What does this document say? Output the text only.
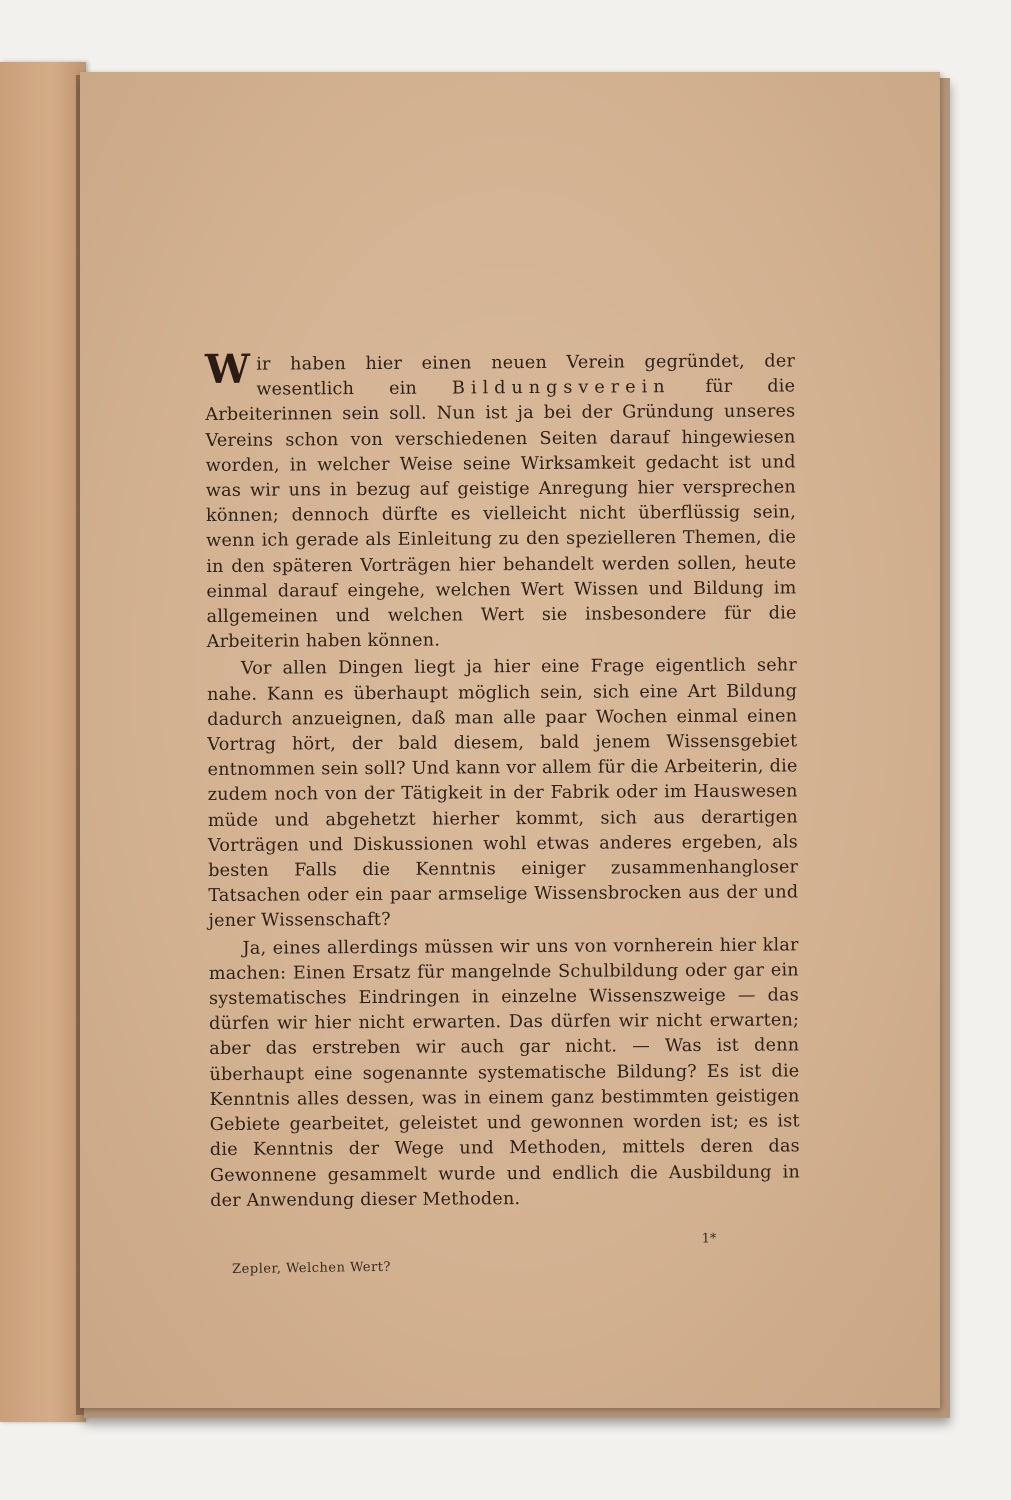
Wir haben hier einen neuen Verein gegründet, der wesentlich ein Bildungsverein für die Arbeiterinnen sein soll. Nun ist ja bei der Gründung unseres Vereins schon von verschiedenen Seiten darauf hingewiesen worden, in welcher Weise seine Wirksamkeit gedacht ist und was wir uns in bezug auf geistige Anregung hier versprechen können; dennoch dürfte es vielleicht nicht überflüssig sein, wenn ich gerade als Einleitung zu den spezielleren Themen, die in den späteren Vorträgen hier behandelt werden sollen, heute einmal darauf eingehe, welchen Wert Wissen und Bildung im allgemeinen und welchen Wert sie insbesondere für die Arbeiterin haben können.

Vor allen Dingen liegt ja hier eine Frage eigentlich sehr nahe. Kann es überhaupt möglich sein, sich eine Art Bildung dadurch anzueignen, daß man alle paar Wochen einmal einen Vortrag hört, der bald diesem, bald jenem Wissensgebiet entnommen sein soll? Und kann vor allem für die Arbeiterin, die zudem noch von der Tätigkeit in der Fabrik oder im Hauswesen müde und abgehetzt hierher kommt, sich aus derartigen Vorträgen und Diskussionen wohl etwas anderes ergeben, als besten Falls die Kenntnis einiger zusammenhangloser Tatsachen oder ein paar armselige Wissensbrocken aus der und jener Wissenschaft?

Ja, eines allerdings müssen wir uns von vornherein hier klar machen: Einen Ersatz für mangelnde Schulbildung oder gar ein systematisches Eindringen in einzelne Wissenszweige — das dürfen wir hier nicht erwarten. Das dürfen wir nicht erwarten; aber das erstreben wir auch gar nicht. — Was ist denn überhaupt eine sogenannte systematische Bildung? Es ist die Kenntnis alles dessen, was in einem ganz bestimmten geistigen Gebiete gearbeitet, geleistet und gewonnen worden ist; es ist die Kenntnis der Wege und Methoden, mittels deren das Gewonnene gesammelt wurde und endlich die Ausbildung in der Anwendung dieser Methoden.

Zepler, Welchen Wert?
1*
